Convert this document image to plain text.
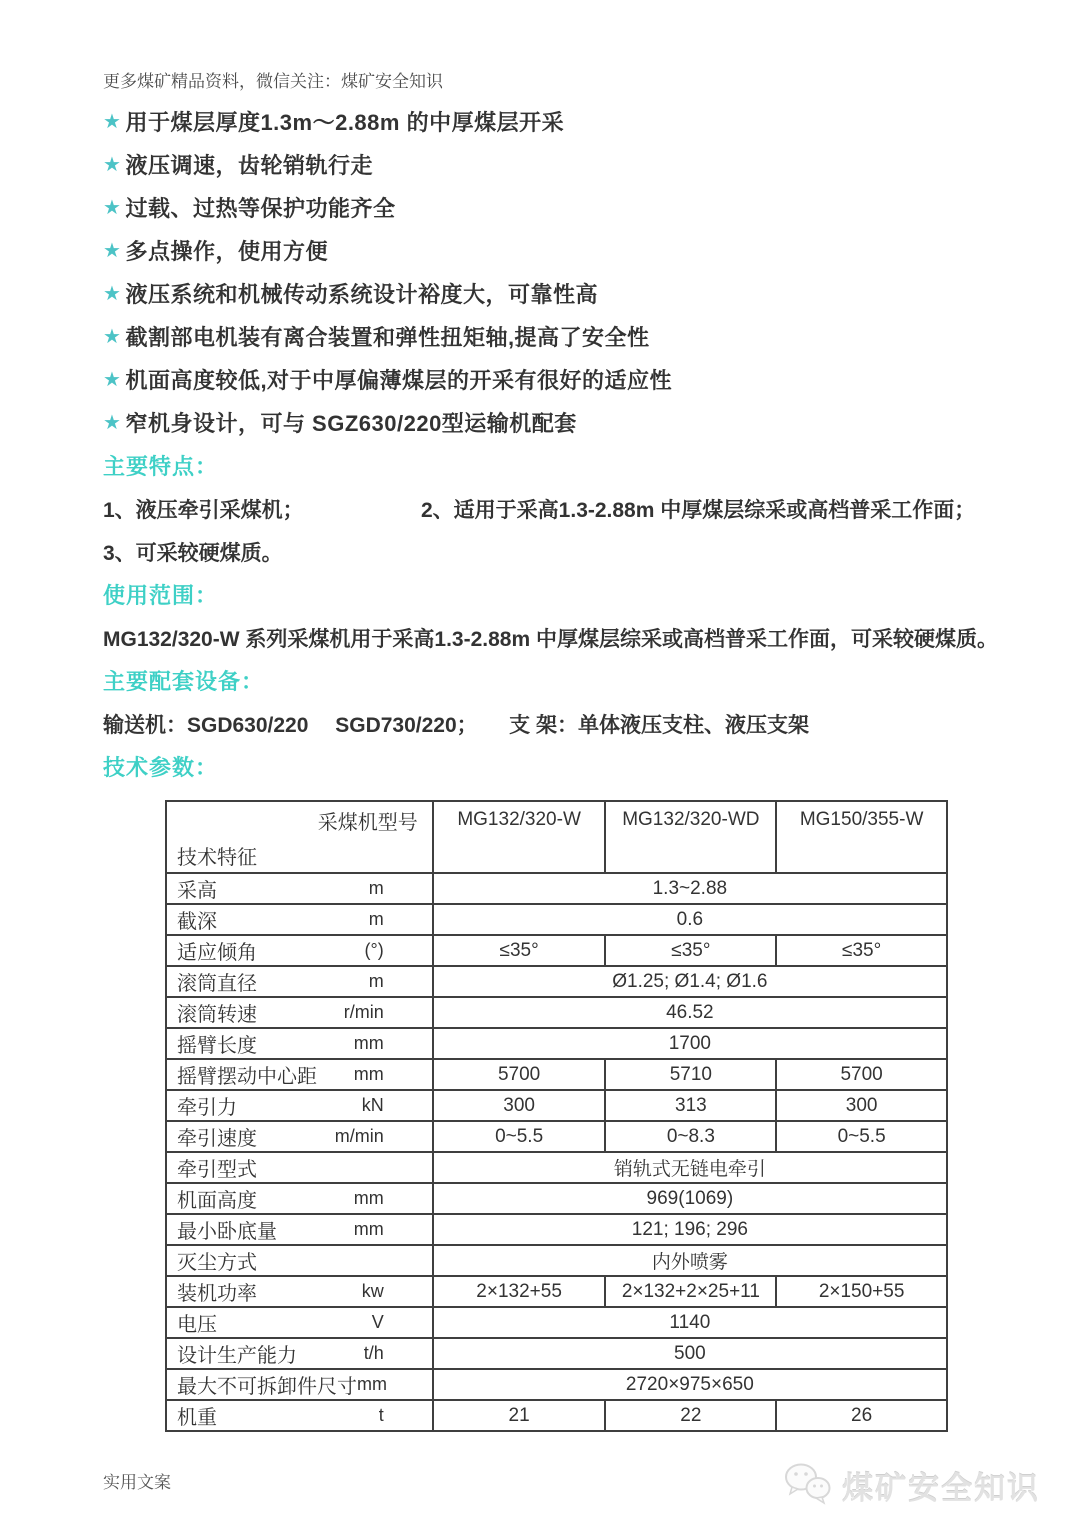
更多煤矿精品资料，微信关注：煤矿安全知识
★ 用于煤层厚度1.3m～2.88m 的中厚煤层开采
★ 液压调速，齿轮销轨行走
★ 过载、过热等保护功能齐全
★ 多点操作，使用方便
★ 液压系统和机械传动系统设计裕度大，可靠性高
★ 截割部电机装有离合装置和弹性扭矩轴,提高了安全性
★ 机面高度较低,对于中厚偏薄煤层的开采有很好的适应性
★ 窄机身设计，可与 SGZ630/220型运输机配套
主要特点：
1、液压牵引采煤机；	2、适用于采高1.3-2.88m 中厚煤层综采或高档普采工作面；
3、可采较硬煤质。
使用范围：
MG132/320-W 系列采煤机用于采高1.3-2.88m 中厚煤层综采或高档普采工作面，可采较硬煤质。
主要配套设备：
输送机：SGD630/220　 SGD730/220；　　支 架：单体液压支柱、液压支架
技术参数：
采煤机型号
技术特征	MG132/320-W	MG132/320-WD	MG150/355-W

采高 m	1.3~2.88		

截深 m	0.6		

适应倾角 (°)	≤35°	≤35°	≤35°

滚筒直径 m	Ø1.25; Ø1.4; Ø1.6		

滚筒转速 r/min	46.52		

摇臂长度 mm	1700		

摇臂摆动中心距 mm	5700	5710	5700

牵引力 kN	300	313	300

牵引速度 m/min	0~5.5	0~8.3	0~5.5

牵引型式	销轨式无链电牵引		

机面高度 mm	969(1069)		

最小卧底量 mm	121; 196; 296		

灭尘方式	内外喷雾		

装机功率 kw	2×132+55	2×132+2×25+11	2×150+55

电压 V	1140		

设计生产能力 t/h	500		

最大不可拆卸件尺寸 mm	2720×975×650		

机重 t	21	22	26
实用文案	煤矿安全知识
